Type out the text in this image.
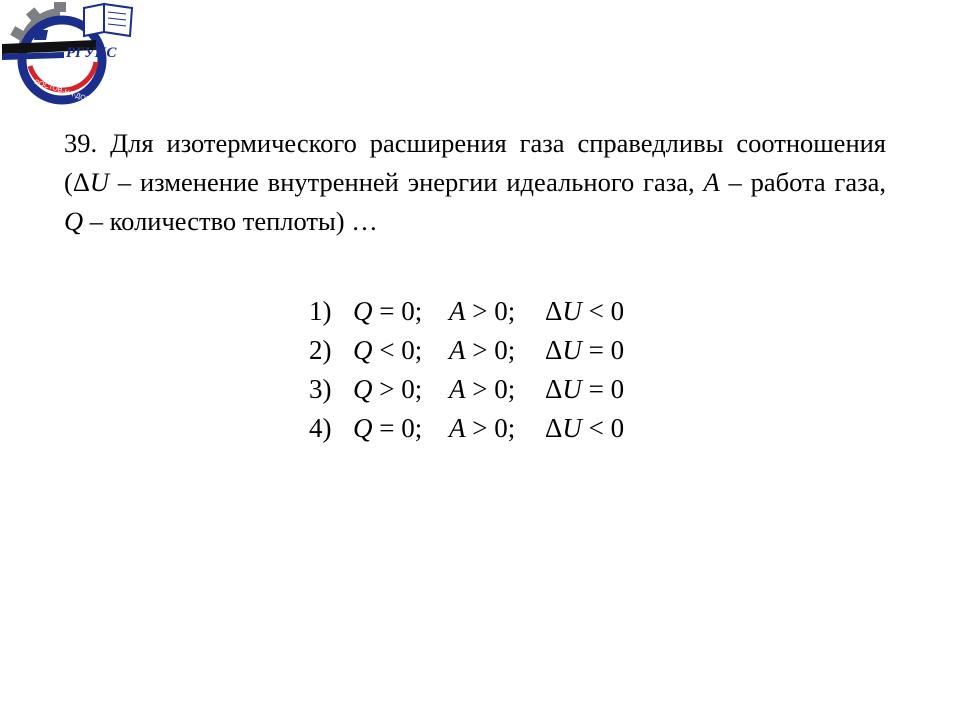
РГУПС
РОСТОВ-НА-ДОНУ

39. Для изотермического расширения газа справедливы соотношения (ΔU – изменение внутренней энергии идеального газа, A – работа газа, Q – количество теплоты) …

1) Q = 0; A > 0;	ΔU < 0
2) Q < 0; A > 0;	ΔU = 0
3) Q > 0; A > 0;	ΔU = 0
4) Q = 0; A > 0;	ΔU < 0
